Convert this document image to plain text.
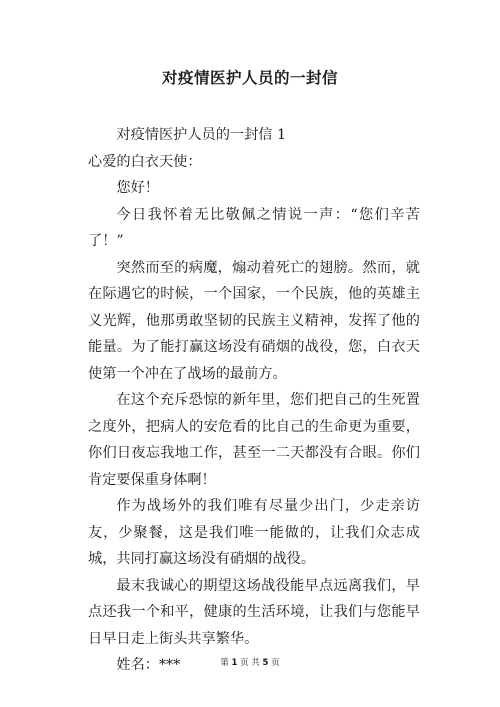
对疫情医护人员的一封信

对疫情医护人员的一封信 1

心爱的白衣天使：

您好！

今日我怀着无比敬佩之情说一声：“您们辛苦了！”

突然而至的病魔，煽动着死亡的翅膀。然而，就在际遇它的时候，一个国家，一个民族，他的英雄主义光辉，他那勇敢坚韧的民族主义精神，发挥了他的能量。为了能打赢这场没有硝烟的战役，您，白衣天使第一个冲在了战场的最前方。

在这个充斥恐惊的新年里，您们把自己的生死置之度外，把病人的安危看的比自己的生命更为重要，你们日夜忘我地工作，甚至一二天都没有合眼。你们肯定要保重身体啊！

作为战场外的我们唯有尽量少出门，少走亲访友，少聚餐，这是我们唯一能做的，让我们众志成城，共同打赢这场没有硝烟的战役。

最末我诚心的期望这场战役能早点远离我们，早点还我一个和平，健康的生活环境，让我们与您能早日早日走上街头共享繁华。

姓名：***	第 1 页 共 5 页
